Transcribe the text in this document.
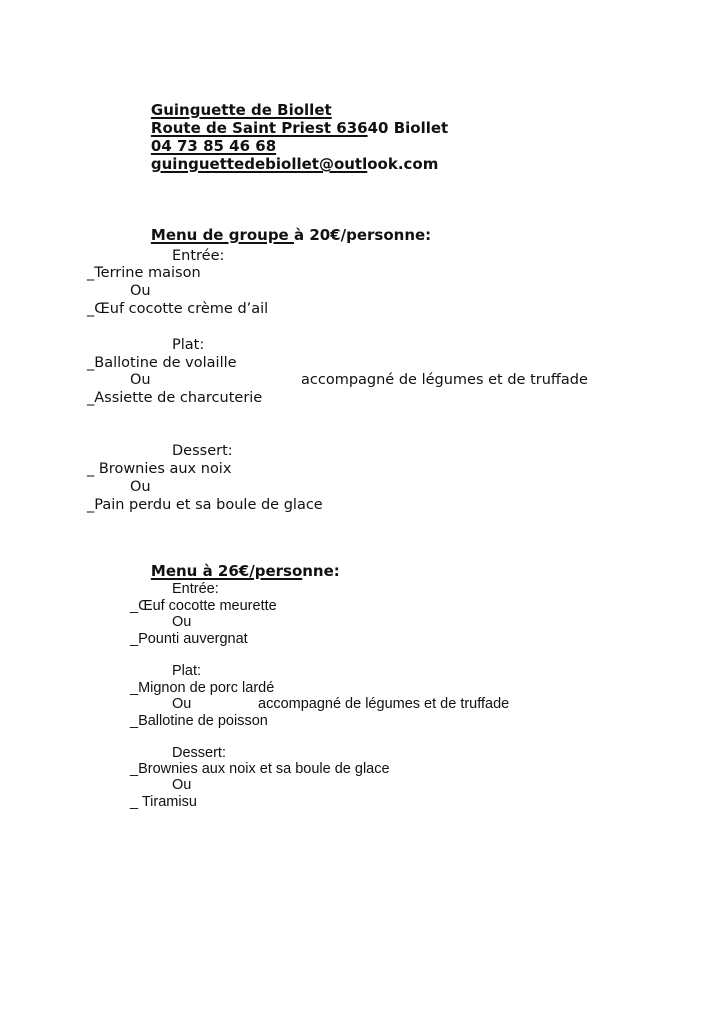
Guinguette de Biollet

Route de Saint Priest 63640 Biollet

04 73 85 46 68

guinguettedebiollet@outlook.com

Menu de groupe à 20€/personne:

Entrée:
_Terrine maison
Ou
_Œuf cocotte crème d’ail
Plat:
_Ballotine de volaille
Ou	accompagné de légumes et de truffade
_Assiette de charcuterie
Dessert:
_ Brownies aux noix
Ou
_Pain perdu et sa boule de glace

Menu à 26€/personne:

Entrée:
_Œuf cocotte meurette
Ou
_Pounti auvergnat
Plat:
_Mignon de porc lardé
Ou	accompagné de légumes et de truffade
_Ballotine de poisson
Dessert:
_Brownies aux noix et sa boule de glace
Ou
_ Tiramisu
